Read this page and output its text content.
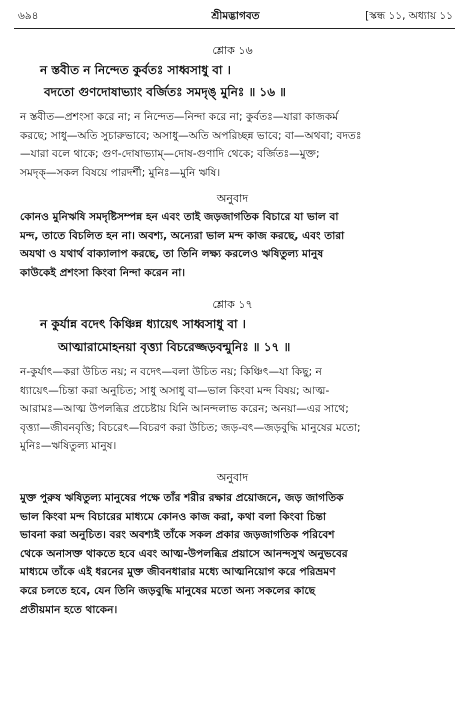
৬৯৪	শ্রীমদ্ভাগবত	[স্কন্ধ ১১, অধ্যায় ১১
শ্লোক ১৬
ন স্তবীত ন নিন্দেত কুর্বতঃ সাধ্বসাধু বা ।
বদতো গুণদোষাভ্যাং বর্জিতঃ সমদৃঙ্ মুনিঃ ॥ ১৬ ॥

ন স্তবীত—প্রশংসা করে না; ন নিন্দেত—নিন্দা করে না; কুর্বতঃ—যারা কাজকর্ম

করছে; সাধু—অতি সুচারুভাবে; অসাধু—অতি অপরিচ্ছন্ন ভাবে; বা—অথবা; বদতঃ

—যারা বলে থাকে; গুণ-দোষাভ্যাম্—দোষ-গুণাদি থেকে; বর্জিতঃ—মুক্ত;

সমদৃক্—সকল বিষয়ে পারদর্শী; মুনিঃ—মুনি ঋষি।

অনুবাদ

কোনও মুনিঋষি সমদৃষ্টিসম্পন্ন হন এবং তাই জড়জাগতিক বিচারে যা ভাল বা

মন্দ, তাতে বিচলিত হন না। অবশ্য, অন্যেরা ভাল মন্দ কাজ করছে, এবং তারা

অযথা ও যথার্থ বাক্যালাপ করছে, তা তিনি লক্ষ্য করলেও ঋষিতুল্য মানুষ

কাউকেই প্রশংসা কিংবা নিন্দা করেন না।

শ্লোক ১৭
ন কুর্যান্ন বদেৎ কিঞ্চিন্ন ধ্যায়েৎ সাধ্বসাধু বা ।
আত্মারামোহনয়া বৃত্ত্যা বিচরেজ্জড়বন্মুনিঃ ॥ ১৭ ॥

ন-কুর্যাৎ—করা উচিত নয়; ন বদেৎ—বলা উচিত নয়; কিঞ্চিৎ—যা কিছু; ন

ধ্যায়েৎ—চিন্তা করা অনুচিত; সাধু অসাধু বা—ভাল কিংবা মন্দ বিষয়; আত্ম-

আরামঃ—আত্ম উপলব্ধির প্রচেষ্টায় যিনি আনন্দলাভ করেন; অনয়া—এর সাথে;

বৃত্ত্যা—জীবনবৃত্তি; বিচরেৎ—বিচরণ করা উচিত; জড়-বৎ—জড়বুদ্ধি মানুষের মতো;

মুনিঃ—ঋষিতুল্য মানুষ।

অনুবাদ

মুক্ত পুরুষ ঋষিতুল্য মানুষের পক্ষে তাঁর শরীর রক্ষার প্রয়োজনে, জড় জাগতিক

ভাল কিংবা মন্দ বিচারের মাধ্যমে কোনও কাজ করা, কথা বলা কিংবা চিন্তা

ভাবনা করা অনুচিত। বরং অবশ্যই তাঁকে সকল প্রকার জড়জাগতিক পরিবেশ

থেকে অনাসক্ত থাকতে হবে এবং আত্ম-উপলব্ধির প্রয়াসে আনন্দসুখ অনুভবের

মাধ্যমে তাঁকে এই ধরনের মুক্ত জীবনধারার মধ্যে আত্মনিয়োগ করে পরিভ্রমণ

করে চলতে হবে, যেন তিনি জড়বুদ্ধি মানুষের মতো অন্য সকলের কাছে

প্রতীয়মান হতে থাকেন।
